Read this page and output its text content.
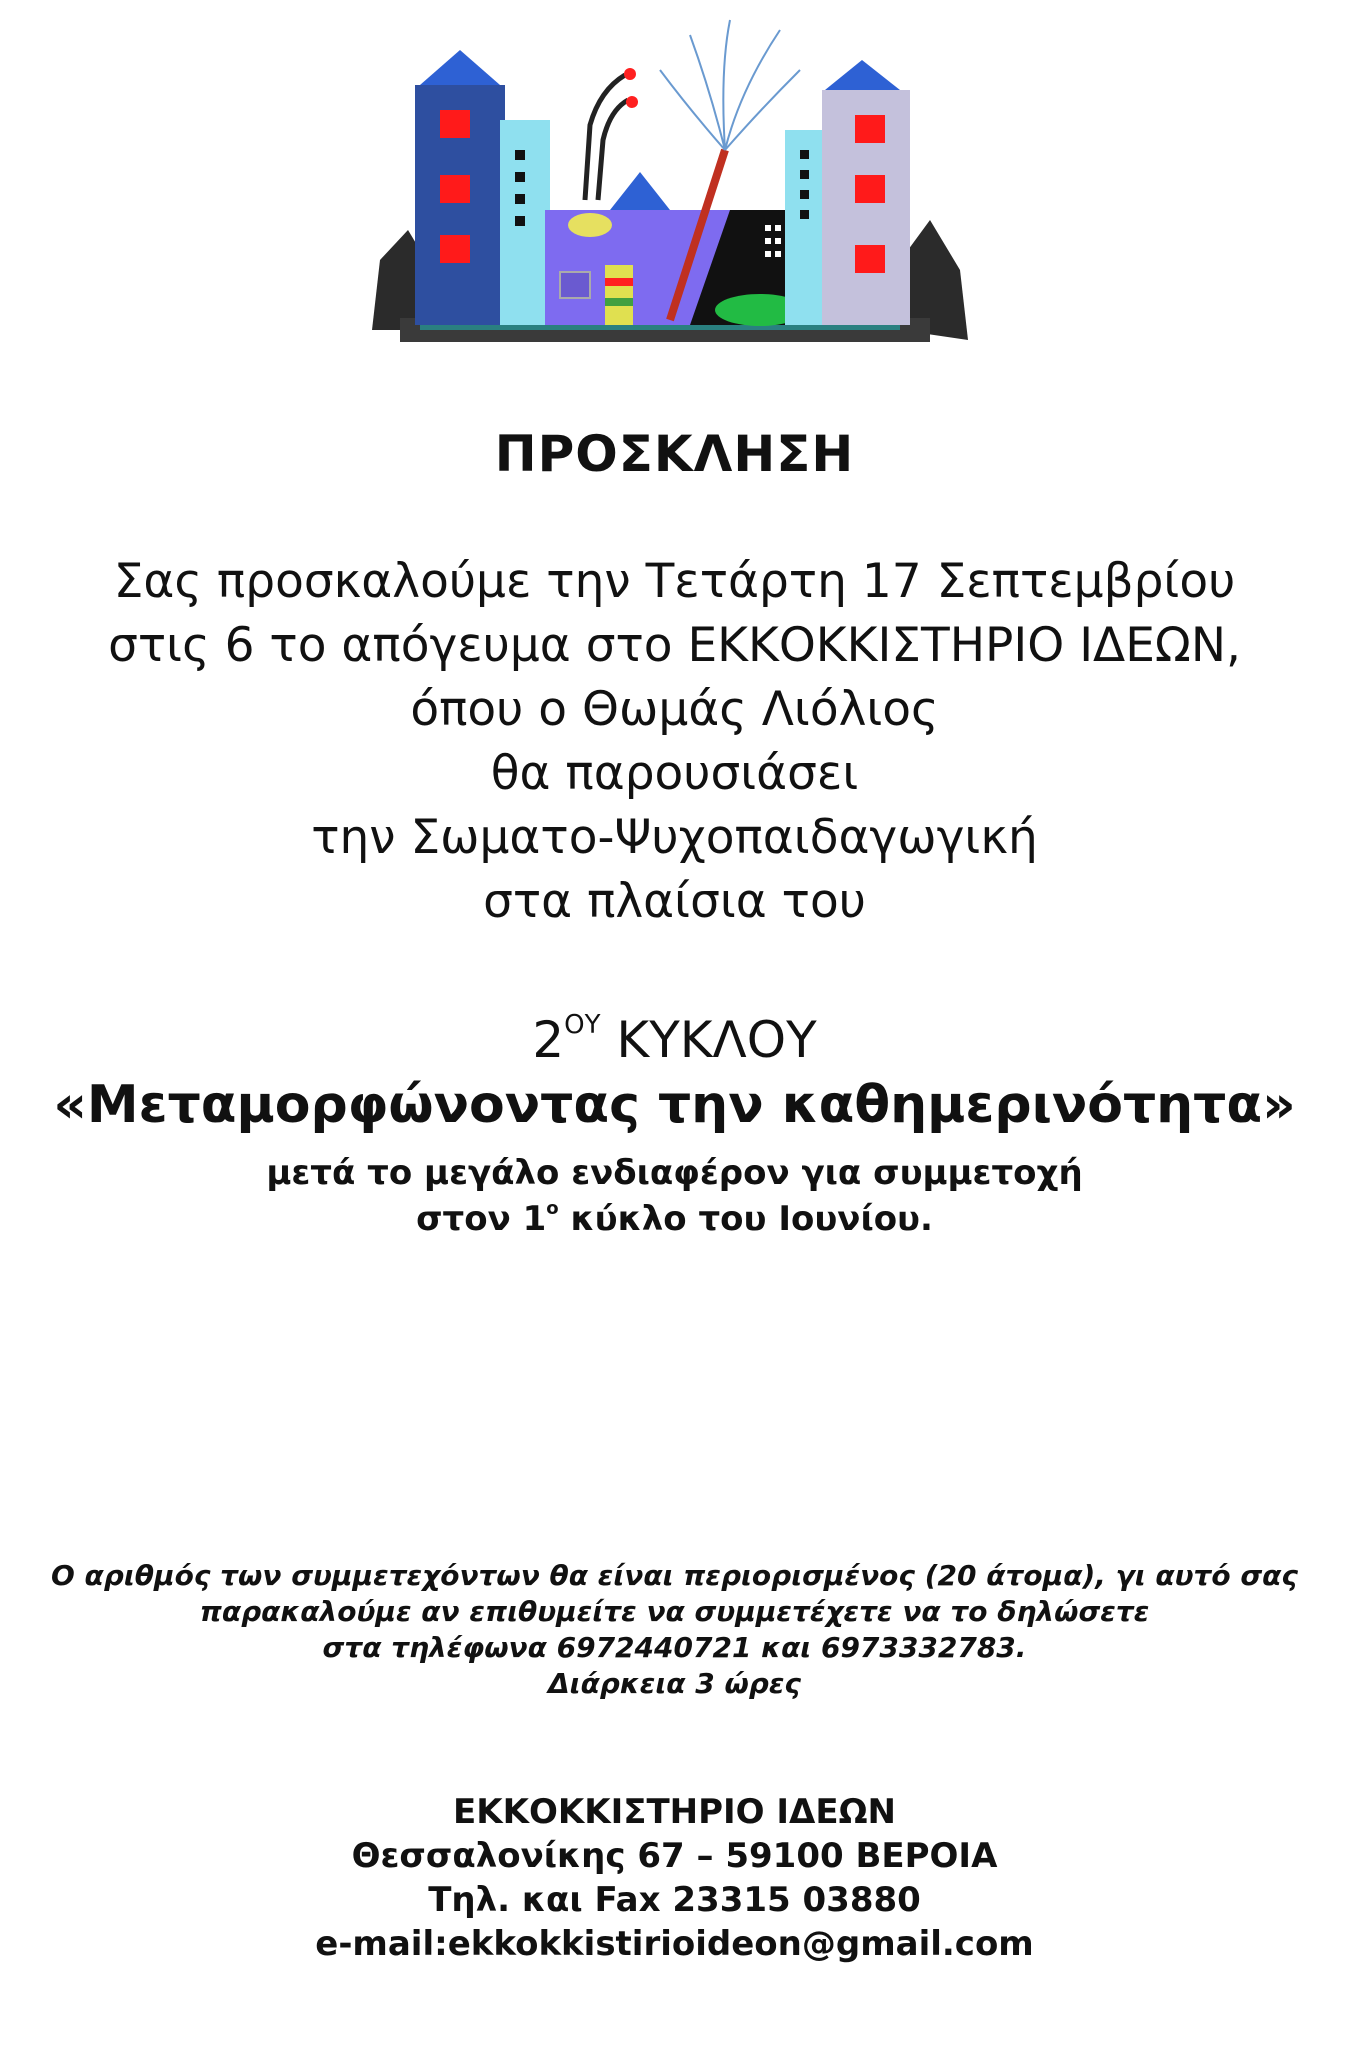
ΠΡΟΣΚΛΗΣΗ
Σας προσκαλούμε την Τετάρτη 17 Σεπτεμβρίου
στις 6 το απόγευμα στο ΕΚΚΟΚΚΙΣΤΗΡΙΟ ΙΔΕΩΝ,
όπου ο Θωμάς Λιόλιος
θα παρουσιάσει
την Σωματο-Ψυχοπαιδαγωγική
στα πλαίσια του
$2^{O\Upsilon}$ ΚΥΚΛΟΥ
«Μεταμορφώνοντας την καθημερινότητα»
μετά το μεγάλο ενδιαφέρον για συμμετοχή
στον $1^o$ κύκλο του Ιουνίου.
Ο αριθμός των συμμετεχόντων θα είναι περιορισμένος (20 άτομα), γι αυτό σας
παρακαλούμε αν επιθυμείτε να συμμετέχετε να το δηλώσετε
στα τηλέφωνα 6972440721 και 6973332783.
Διάρκεια 3 ώρες
ΕΚΚΟΚΚΙΣΤΗΡΙΟ ΙΔΕΩΝ
Θεσσαλονίκης 67 – 59100 ΒΕΡΟΙΑ
Τηλ. και Fax 23315 03880
e-mail:ekkokkistirioideon@gmail.com
